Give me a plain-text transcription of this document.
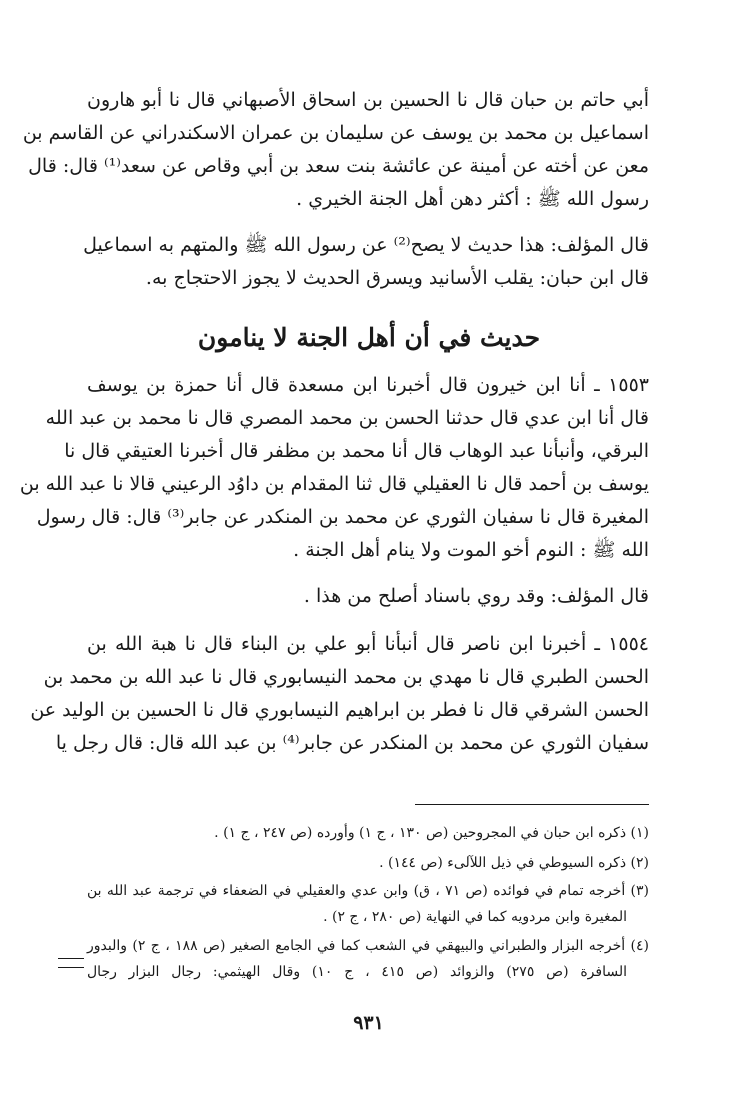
أبي حاتم بن حبان قال نا الحسين بن اسحاق الأصبهاني قال نا أبو هارون
اسماعيل بن محمد بن يوسف عن سليمان بن عمران الاسكندراني عن القاسم بن
معن عن أخته عن أمينة عن عائشة بنت سعد بن أبي وقاص عن سعد⁽¹⁾ قال: قال
رسول الله ﷺ : أكثر دهن أهل الجنة الخيري .
قال المؤلف: هذا حديث لا يصح⁽²⁾ عن رسول الله ﷺ والمتهم به اسماعيل
قال ابن حبان: يقلب الأسانيد ويسرق الحديث لا يجوز الاحتجاج به.
حديث في أن أهل الجنة لا ينامون
١٥٥٣ ـ أنا ابن خيرون قال أخبرنا ابن مسعدة قال أنا حمزة بن يوسف
قال أنا ابن عدي قال حدثنا الحسن بن محمد المصري قال نا محمد بن عبد الله
البرقي، وأنبأنا عبد الوهاب قال أنا محمد بن مظفر قال أخبرنا العتيقي قال نا
يوسف بن أحمد قال نا العقيلي قال ثنا المقدام بن داوُد الرعيني قالا نا عبد الله بن
المغيرة قال نا سفيان الثوري عن محمد بن المنكدر عن جابر⁽³⁾ قال: قال رسول
الله ﷺ : النوم أخو الموت ولا ينام أهل الجنة .
قال المؤلف: وقد روي باسناد أصلح من هذا .
١٥٥٤ ـ أخبرنا ابن ناصر قال أنبأنا أبو علي بن البناء قال نا هبة الله بن
الحسن الطبري قال نا مهدي بن محمد النيسابوري قال نا عبد الله بن محمد بن
الحسن الشرقي قال نا فطر بن ابراهيم النيسابوري قال نا الحسين بن الوليد عن
سفيان الثوري عن محمد بن المنكدر عن جابر⁽⁴⁾ بن عبد الله قال: قال رجل يا
(١) ذكره ابن حبان في المجروحين (ص ١٣٠ ، ج ١) وأورده (ص ٢٤٧ ، ج ١) .
(٢) ذكره السيوطي في ذيل اللآلىء (ص ١٤٤) .
(٣) أخرجه تمام في فوائده (ص ٧١ ، ق) وابن عدي والعقيلي في الضعفاء في ترجمة عبد الله بن
المغيرة وابن مردويه كما في النهاية (ص ٢٨٠ ، ج ٢) .
(٤) أخرجه البزار والطبراني والبيهقي في الشعب كما في الجامع الصغير (ص ١٨٨ ، ج ٢) والبدور
السافرة (ص ٢٧٥) والزوائد (ص ٤١٥ ، ج ١٠) وقال الهيثمي: رجال البزار رجال
٩٣١
